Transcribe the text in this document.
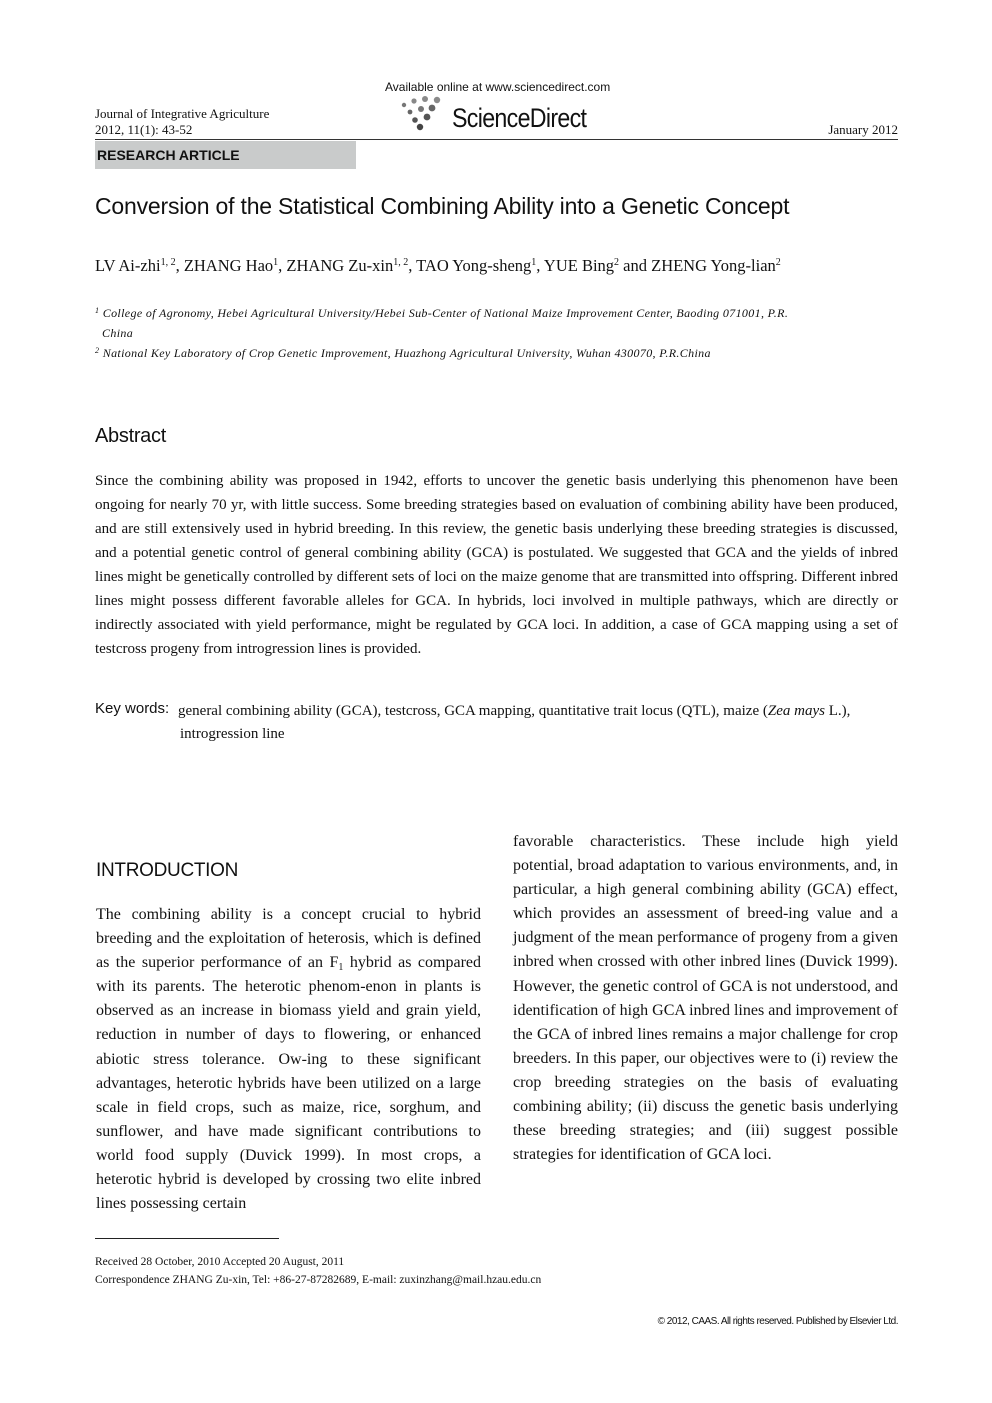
Journal of Integrative Agriculture
2012, 11(1): 43-52
Available online at www.sciencedirect.com
ScienceDirect	January 2012
RESEARCH ARTICLE
Conversion of the Statistical Combining Ability into a Genetic Concept
LV Ai-zhi$^{1, 2}$, ZHANG Hao$^1$, ZHANG Zu-xin$^{1, 2}$, TAO Yong-sheng$^1$, YUE Bing$^2$ and ZHENG Yong-lian$^2$
$^1$ College of Agronomy, Hebei Agricultural University/Hebei Sub-Center of National Maize Improvement Center, Baoding 071001, P.R.
China
$^2$ National Key Laboratory of Crop Genetic Improvement, Huazhong Agricultural University, Wuhan 430070, P.R.China
Abstract

Since the combining ability was proposed in 1942, efforts to uncover the genetic basis underlying this phenomenon have been ongoing for nearly 70 yr, with little success. Some breeding strategies based on evaluation of combining ability have been produced, and are still extensively used in hybrid breeding. In this review, the genetic basis underlying these breeding strategies is discussed, and a potential genetic control of general combining ability (GCA) is postulated. We suggested that GCA and the yields of inbred lines might be genetically controlled by different sets of loci on the maize genome that are transmitted into offspring. Different inbred lines might possess different favorable alleles for GCA. In hybrids, loci involved in multiple pathways, which are directly or indirectly associated with yield performance, might be regulated by GCA loci. In addition, a case of GCA mapping using a set of testcross progeny from introgression lines is provided.

Key words: general combining ability (GCA), testcross, GCA mapping, quantitative trait locus (QTL), maize (Zea mays L.),
introgression line
INTRODUCTION

The combining ability is a concept crucial to hybrid breeding and the exploitation of heterosis, which is defined as the superior performance of an $F_1$ hybrid as compared with its parents. The heterotic phenom-enon in plants is observed as an increase in biomass yield and grain yield, reduction in number of days to flowering, or enhanced abiotic stress tolerance. Ow-ing to these significant advantages, heterotic hybrids have been utilized on a large scale in field crops, such as maize, rice, sorghum, and sunflower, and have made significant contributions to world food supply (Duvick 1999). In most crops, a heterotic hybrid is developed by crossing two elite inbred lines possessing certain

favorable characteristics. These include high yield potential, broad adaptation to various environments, and, in particular, a high general combining ability (GCA) effect, which provides an assessment of breed-ing value and a judgment of the mean performance of progeny from a given inbred when crossed with other inbred lines (Duvick 1999). However, the genetic control of GCA is not understood, and identification of high GCA inbred lines and improvement of the GCA of inbred lines remains a major challenge for crop breeders. In this paper, our objectives were to (i) review the crop breeding strategies on the basis of evaluating combining ability; (ii) discuss the genetic basis underlying these breeding strategies; and (iii) suggest possible strategies for identification of GCA loci.

Received 28 October, 2010 Accepted 20 August, 2011
Correspondence ZHANG Zu-xin, Tel: +86-27-87282689, E-mail: zuxinzhang@mail.hzau.edu.cn
© 2012, CAAS. All rights reserved. Published by Elsevier Ltd.
